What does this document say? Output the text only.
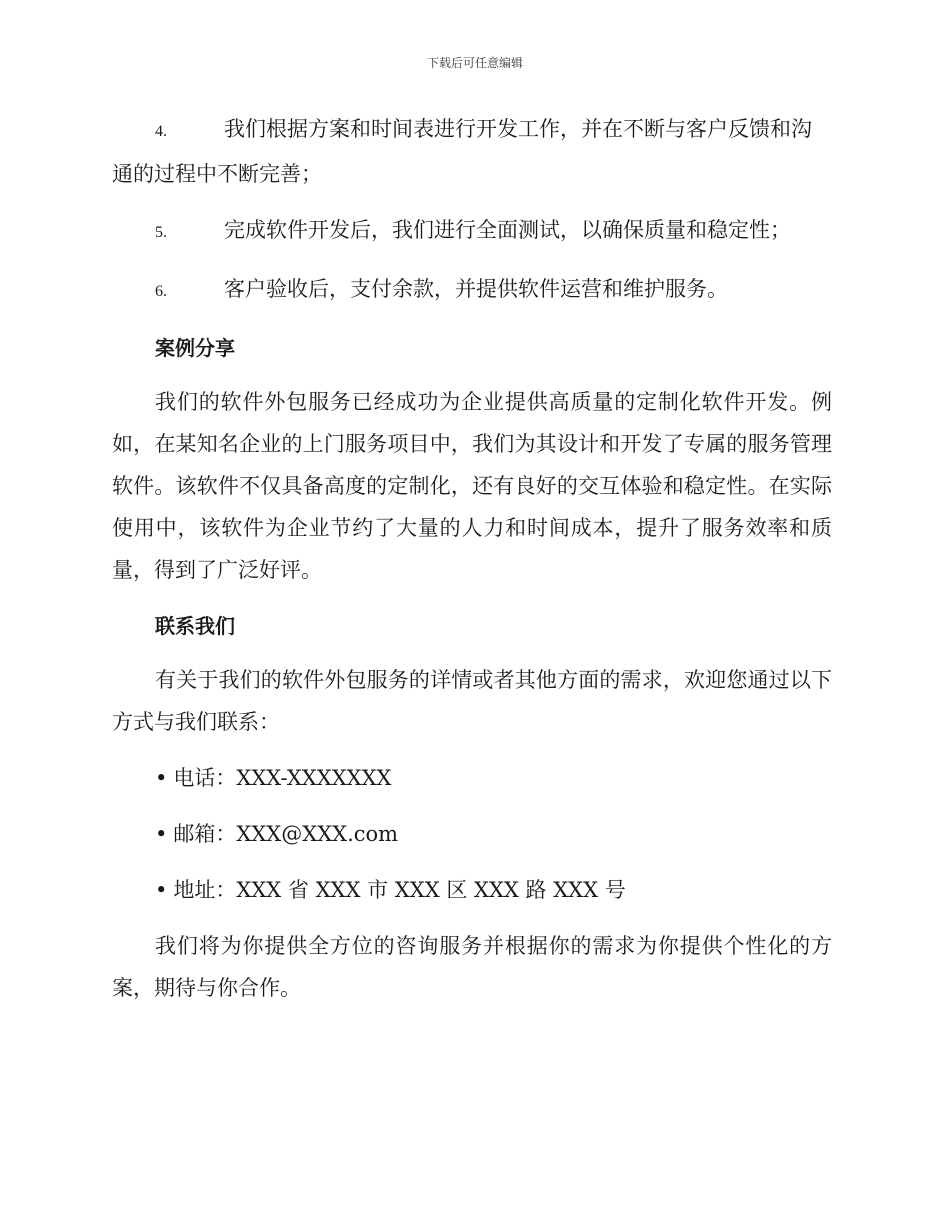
下载后可任意编辑
4.	我们根据方案和时间表进行开发工作，并在不断与客户反馈和沟通的过程中不断完善；
5.	完成软件开发后，我们进行全面测试，以确保质量和稳定性；
6.	客户验收后，支付余款，并提供软件运营和维护服务。
案例分享

我们的软件外包服务已经成功为企业提供高质量的定制化软件开发。例如，在某知名企业的上门服务项目中，我们为其设计和开发了专属的服务管理软件。该软件不仅具备高度的定制化，还有良好的交互体验和稳定性。在实际使用中，该软件为企业节约了大量的人力和时间成本，提升了服务效率和质量，得到了广泛好评。

联系我们

有关于我们的软件外包服务的详情或者其他方面的需求，欢迎您通过以下方式与我们联系：

• 电话：XXX-XXXXXXX
• 邮箱：XXX@XXX.com
• 地址：XXX 省 XXX 市 XXX 区 XXX 路 XXX 号

我们将为你提供全方位的咨询服务并根据你的需求为你提供个性化的方案，期待与你合作。
